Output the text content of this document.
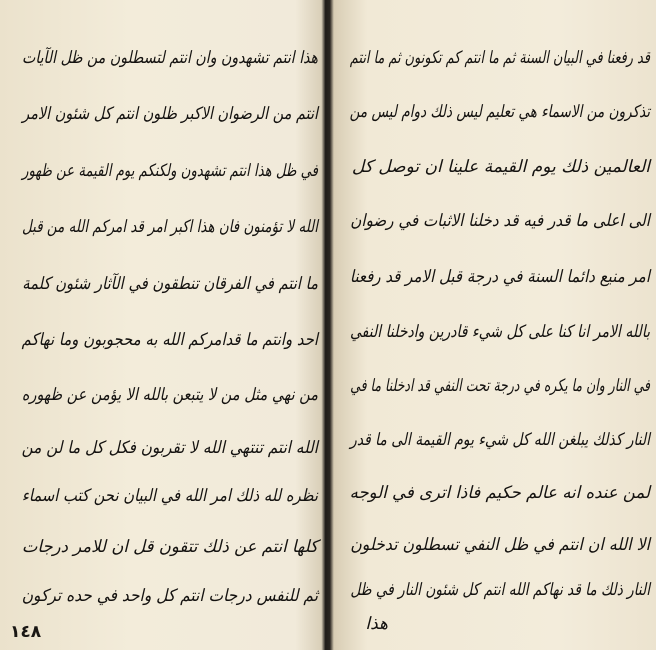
هذا انتم تشهدون وان انتم لتسطلون من ظل الآيات
انتم من الرضوان الاكبر ظلون انتم كل شئون الامر
في ظل هذا انتم تشهدون ولكنكم يوم القيمة عن ظهور
الله لا تؤمنون فان هذا اكبر امر قد امركم الله من قبل
ما انتم في الفرقان تنطقون في الآثار شئون كلمة
احد وانتم ما قدامركم الله به محجوبون وما نهاكم
من نهي مثل من لا يتبعن بالله الا يؤمن عن ظهوره
الله انتم تنتهي الله لا تقربون فكل كل ما لن من
نظره لله ذلك امر الله في البيان نحن كتب اسماء
كلها انتم عن ذلك تتقون قل ان للامر درجات
ثم للنفس درجات انتم كل واحد في حده تركون
قد رفعنا في البيان السنة ثم ما انتم كم تكونون ثم ما انتم
تذكرون من الاسماء هي تعليم ليس ذلك دوام ليس من
العالمين ذلك يوم القيمة علينا ان توصل كل
الى اعلى ما قدر فيه قد دخلنا الاثبات في رضوان
امر منيع دائما السنة في درجة قبل الامر قد رفعنا
بالله الامر انا كنا على كل شيء قادرين وادخلنا النفي
في النار وان ما يكره في درجة تحت النفي قد ادخلنا ما في
النار كذلك يبلغن الله كل شيء يوم القيمة الى ما قدر
لمن عنده انه عالم حكيم فاذا اترى في الوجه
الا الله ان انتم في ظل النفي تسطلون تدخلون
النار ذلك ما قد نهاكم الله انتم كل شئون النار في ظل
هذا
١٤٨
